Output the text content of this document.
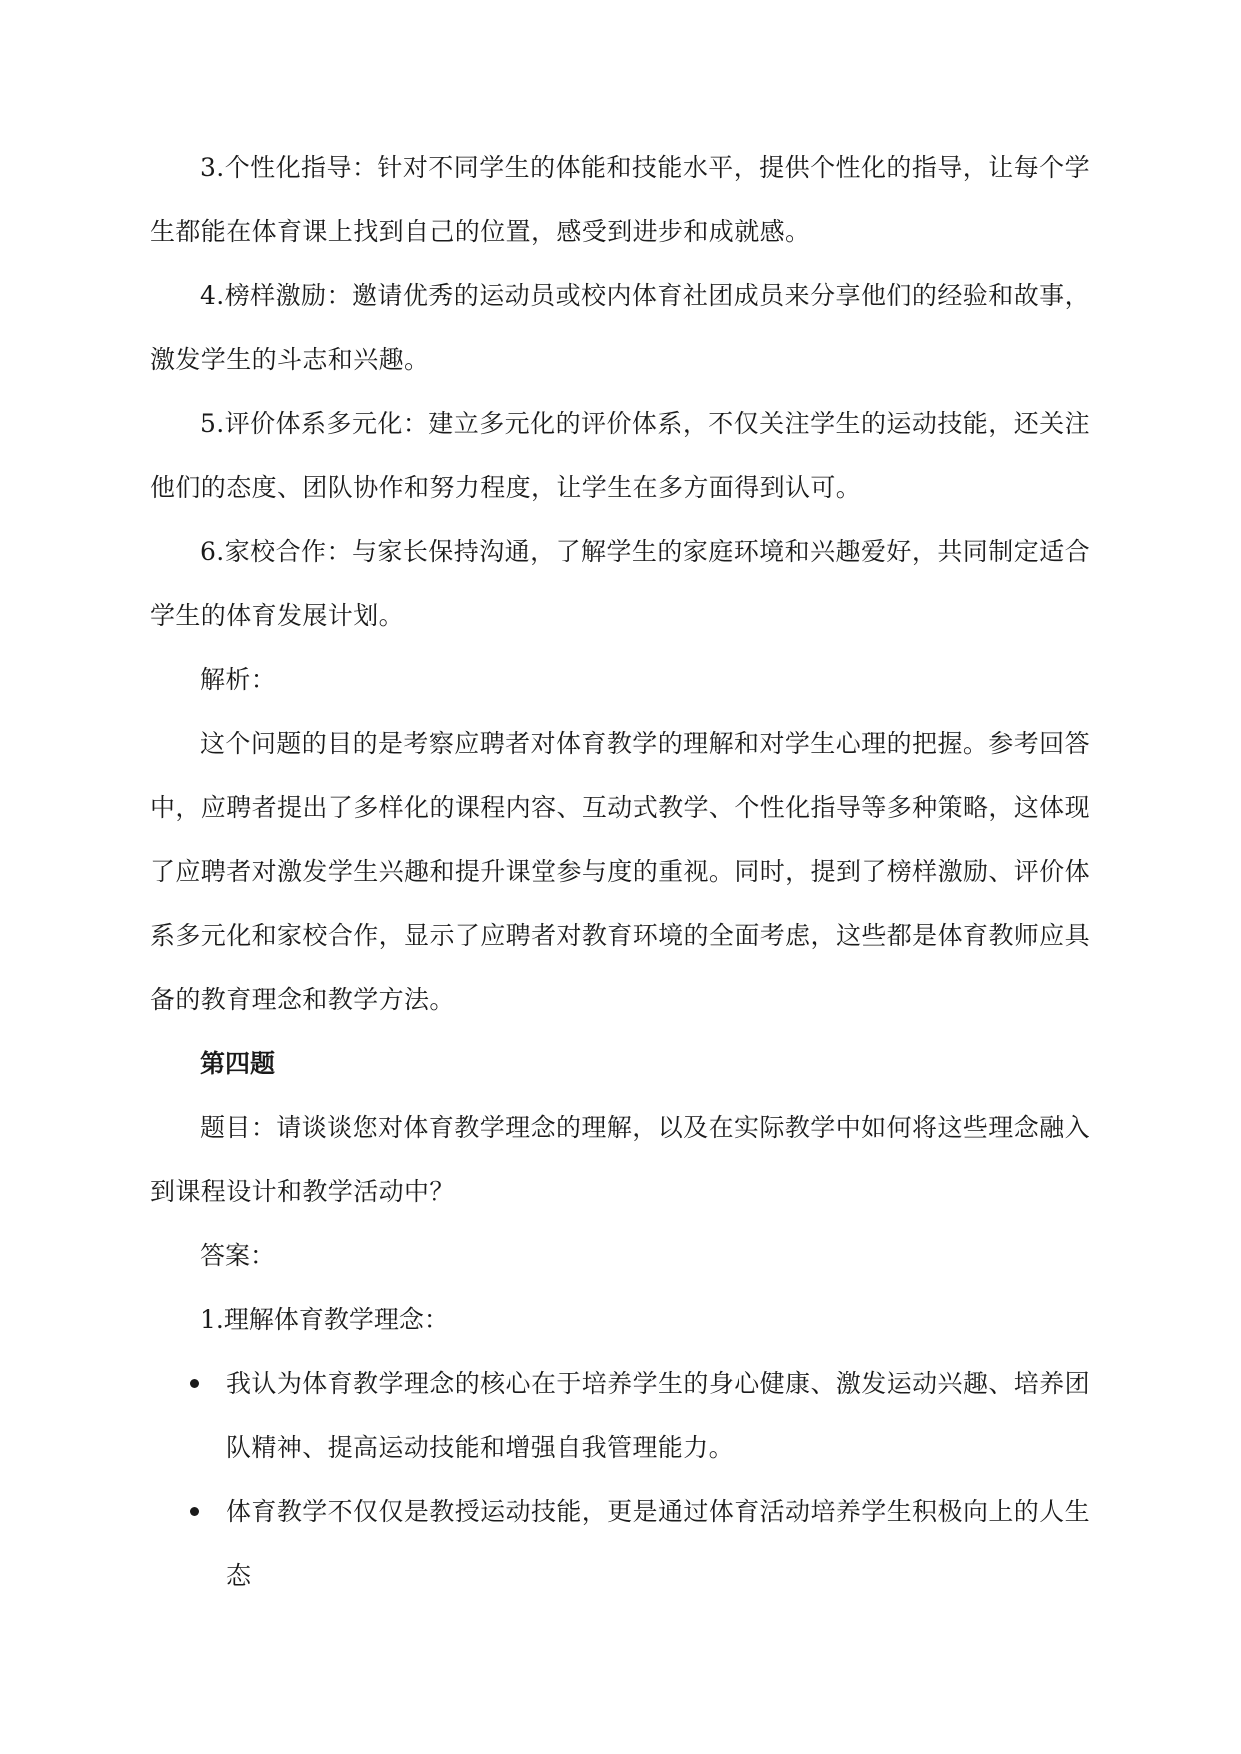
3.个性化指导：针对不同学生的体能和技能水平，提供个性化的指导，让每个学生都能在体育课上找到自己的位置，感受到进步和成就感。

4.榜样激励：邀请优秀的运动员或校内体育社团成员来分享他们的经验和故事，激发学生的斗志和兴趣。

5.评价体系多元化：建立多元化的评价体系，不仅关注学生的运动技能，还关注他们的态度、团队协作和努力程度，让学生在多方面得到认可。

6.家校合作：与家长保持沟通，了解学生的家庭环境和兴趣爱好，共同制定适合学生的体育发展计划。

解析：

这个问题的目的是考察应聘者对体育教学的理解和对学生心理的把握。参考回答中，应聘者提出了多样化的课程内容、互动式教学、个性化指导等多种策略，这体现了应聘者对激发学生兴趣和提升课堂参与度的重视。同时，提到了榜样激励、评价体系多元化和家校合作，显示了应聘者对教育环境的全面考虑，这些都是体育教师应具备的教育理念和教学方法。

第四题

题目：请谈谈您对体育教学理念的理解，以及在实际教学中如何将这些理念融入到课程设计和教学活动中？

答案：

1.理解体育教学理念：

我认为体育教学理念的核心在于培养学生的身心健康、激发运动兴趣、培养团队精神、提高运动技能和增强自我管理能力。
体育教学不仅仅是教授运动技能，更是通过体育活动培养学生积极向上的人生态
